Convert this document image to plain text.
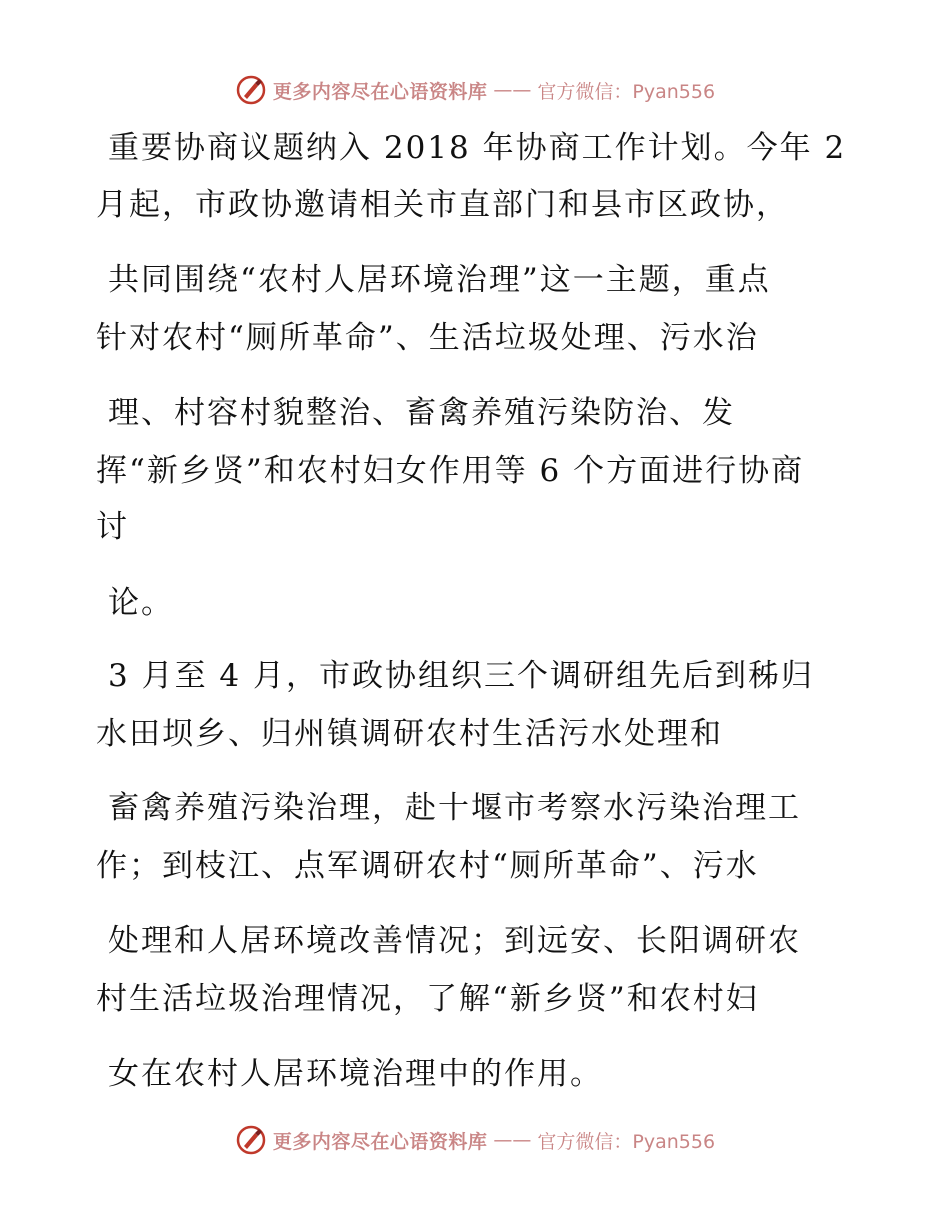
更多内容尽在心语资料库 —— 官方微信：Pyan556
重要协商议题纳入 2018 年协商工作计划。今年 2
月起，市政协邀请相关市直部门和县市区政协，
共同围绕“农村人居环境治理”这一主题，重点
针对农村“厕所革命”、生活垃圾处理、污水治
理、村容村貌整治、畜禽养殖污染防治、发
挥“新乡贤”和农村妇女作用等 6 个方面进行协商
讨
论。
3 月至 4 月，市政协组织三个调研组先后到秭归
水田坝乡、归州镇调研农村生活污水处理和
畜禽养殖污染治理，赴十堰市考察水污染治理工
作；到枝江、点军调研农村“厕所革命”、污水
处理和人居环境改善情况；到远安、长阳调研农
村生活垃圾治理情况，了解“新乡贤”和农村妇
女在农村人居环境治理中的作用。
更多内容尽在心语资料库 —— 官方微信：Pyan556
